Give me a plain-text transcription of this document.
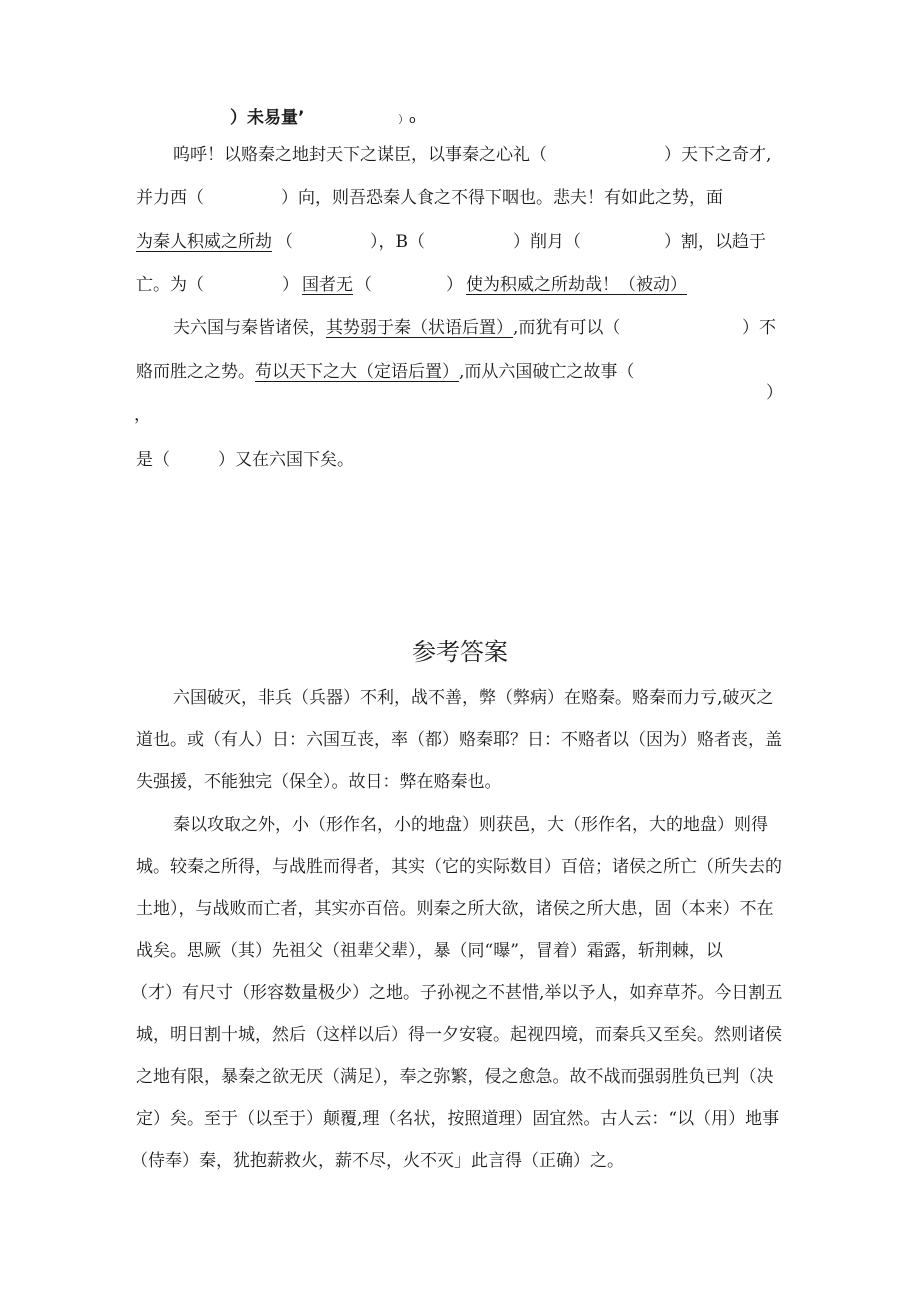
）未易量’	）o
呜呼！以赂秦之地封天下之谋臣，以事秦之心礼（	）天下之奇才,
并力西（	）向，则吾恐秦人食之不得下咽也。悲夫！有如此之势，面
为秦人积威之所劫 （	），B（	）削月（	）割，以趋于
亡。为（	） 国者无 （	） 使为积威之所劫哉！（被动）
夫六国与秦皆诸侯，其势弱于秦（状语后置）,而犹有可以（	）不
赂而胜之之势。苟以天下之大（定语后置）,而从六国破亡之故事（
）
，
是（	）又在六国下矣。
参考答案
六国破灭，非兵（兵器）不利，战不善，弊（弊病）在赂秦。赂秦而力亏,破灭之
道也。或（有人）日：六国互丧，率（都）赂秦耶？日：不赂者以（因为）赂者丧，盖
失强援，不能独完（保全）。故日：弊在赂秦也。
秦以攻取之外，小（形作名，小的地盘）则获邑，大（形作名，大的地盘）则得
城。较秦之所得，与战胜而得者，其实（它的实际数目）百倍；诸侯之所亡（所失去的
土地），与战败而亡者，其实亦百倍。则秦之所大欲，诸侯之所大患，固（本来）不在
战矣。思厥（其）先祖父（祖辈父辈），暴（同“曝”，冒着）霜露，斩荆棘，以
（才）有尺寸（形容数量极少）之地。子孙视之不甚惜,举以予人，如弃草芥。今日割五
城，明日割十城，然后（这样以后）得一夕安寝。起视四境，而秦兵又至矣。然则诸侯
之地有限，暴秦之欲无厌（满足），奉之弥繁，侵之愈急。故不战而强弱胜负已判（决
定）矣。至于（以至于）颠覆,理（名状，按照道理）固宜然。古人云：“以（用）地事
（侍奉）秦，犹抱薪救火，薪不尽，火不灭」此言得（正确）之。
